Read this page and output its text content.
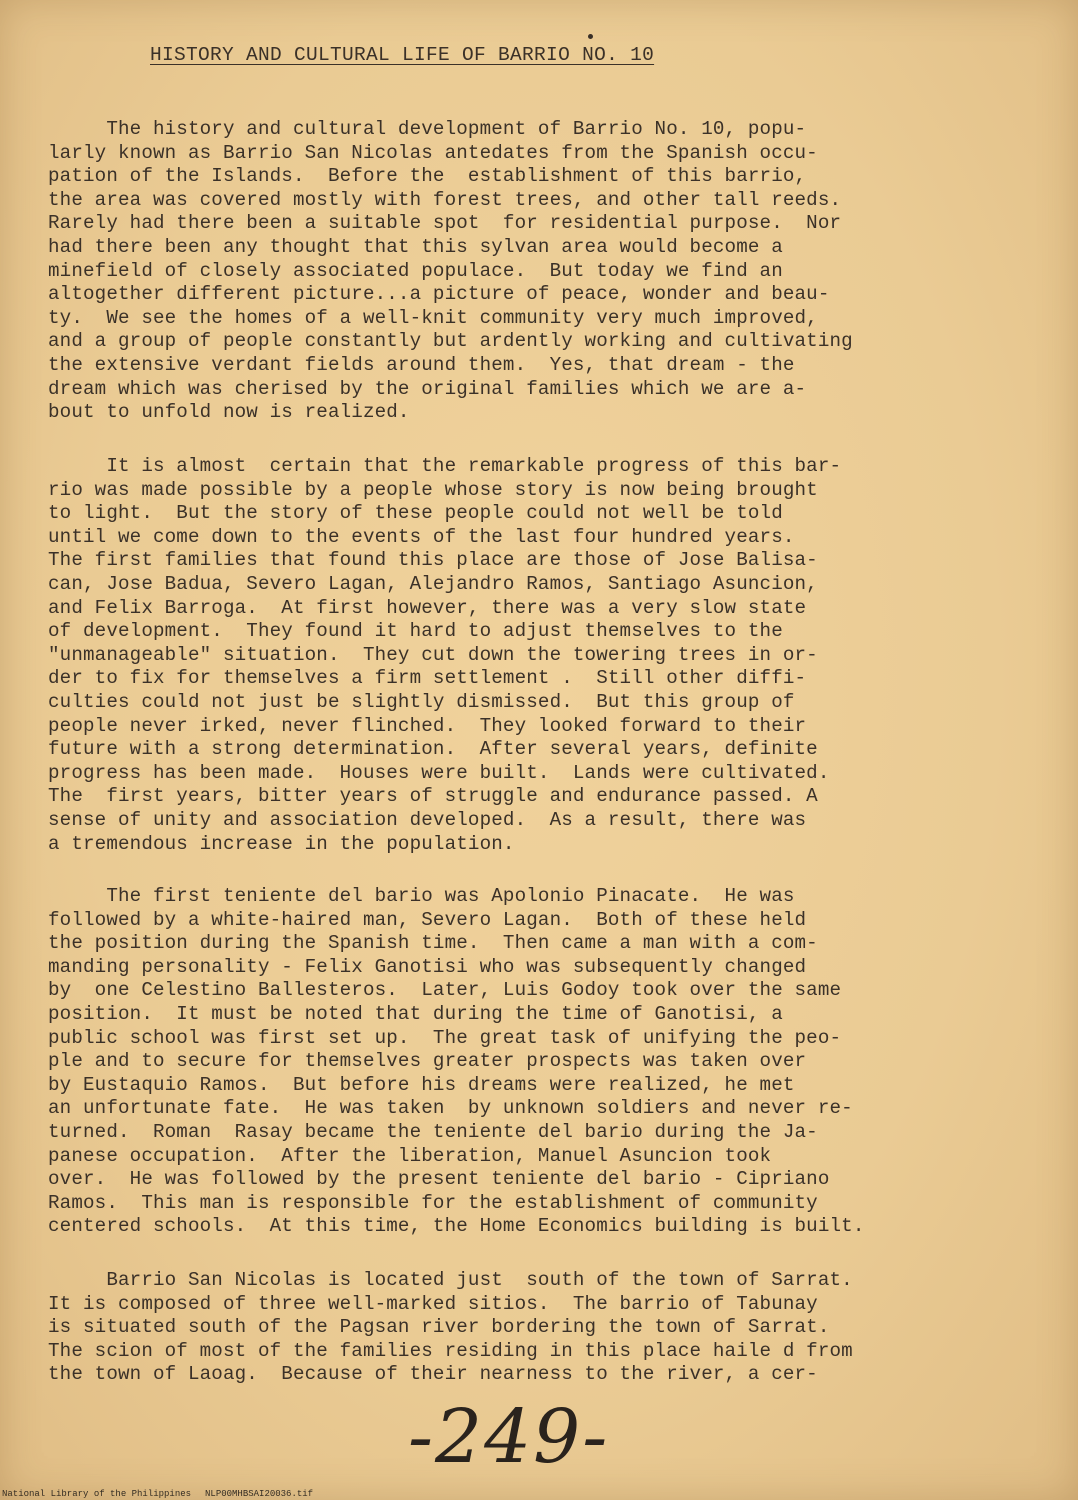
HISTORY AND CULTURAL LIFE OF BARRIO NO. 10
The history and cultural development of Barrio No. 10, popu-
larly known as Barrio San Nicolas antedates from the Spanish occu-
pation of the Islands.  Before the  establishment of this barrio,
the area was covered mostly with forest trees, and other tall reeds.
Rarely had there been a suitable spot  for residential purpose.  Nor
had there been any thought that this sylvan area would become a
minefield of closely associated populace.  But today we find an
altogether different picture...a picture of peace, wonder and beau-
ty.  We see the homes of a well-knit community very much improved,
and a group of people constantly but ardently working and cultivating
the extensive verdant fields around them.  Yes, that dream - the
dream which was cherised by the original families which we are a-
bout to unfold now is realized.
It is almost  certain that the remarkable progress of this bar-
rio was made possible by a people whose story is now being brought
to light.  But the story of these people could not well be told
until we come down to the events of the last four hundred years.
The first families that found this place are those of Jose Balisa-
can, Jose Badua, Severo Lagan, Alejandro Ramos, Santiago Asuncion,
and Felix Barroga.  At first however, there was a very slow state
of development.  They found it hard to adjust themselves to the
"unmanageable" situation.  They cut down the towering trees in or-
der to fix for themselves a firm settlement .  Still other diffi-
culties could not just be slightly dismissed.  But this group of
people never irked, never flinched.  They looked forward to their
future with a strong determination.  After several years, definite
progress has been made.  Houses were built.  Lands were cultivated.
The  first years, bitter years of struggle and endurance passed. A
sense of unity and association developed.  As a result, there was
a tremendous increase in the population.
The first teniente del bario was Apolonio Pinacate.  He was
followed by a white-haired man, Severo Lagan.  Both of these held
the position during the Spanish time.  Then came a man with a com-
manding personality - Felix Ganotisi who was subsequently changed
by  one Celestino Ballesteros.  Later, Luis Godoy took over the same
position.  It must be noted that during the time of Ganotisi, a
public school was first set up.  The great task of unifying the peo-
ple and to secure for themselves greater prospects was taken over
by Eustaquio Ramos.  But before his dreams were realized, he met
an unfortunate fate.  He was taken  by unknown soldiers and never re-
turned.  Roman  Rasay became the teniente del bario during the Ja-
panese occupation.  After the liberation, Manuel Asuncion took
over.  He was followed by the present teniente del bario - Cipriano
Ramos.  This man is responsible for the establishment of community
centered schools.  At this time, the Home Economics building is built.
Barrio San Nicolas is located just  south of the town of Sarrat.
It is composed of three well-marked sitios.  The barrio of Tabunay
is situated south of the Pagsan river bordering the town of Sarrat.
The scion of most of the families residing in this place haile d from
the town of Laoag.  Because of their nearness to the river, a cer-
-249-
National Library of the Philippines NLP00MHBSAI20036.tif
